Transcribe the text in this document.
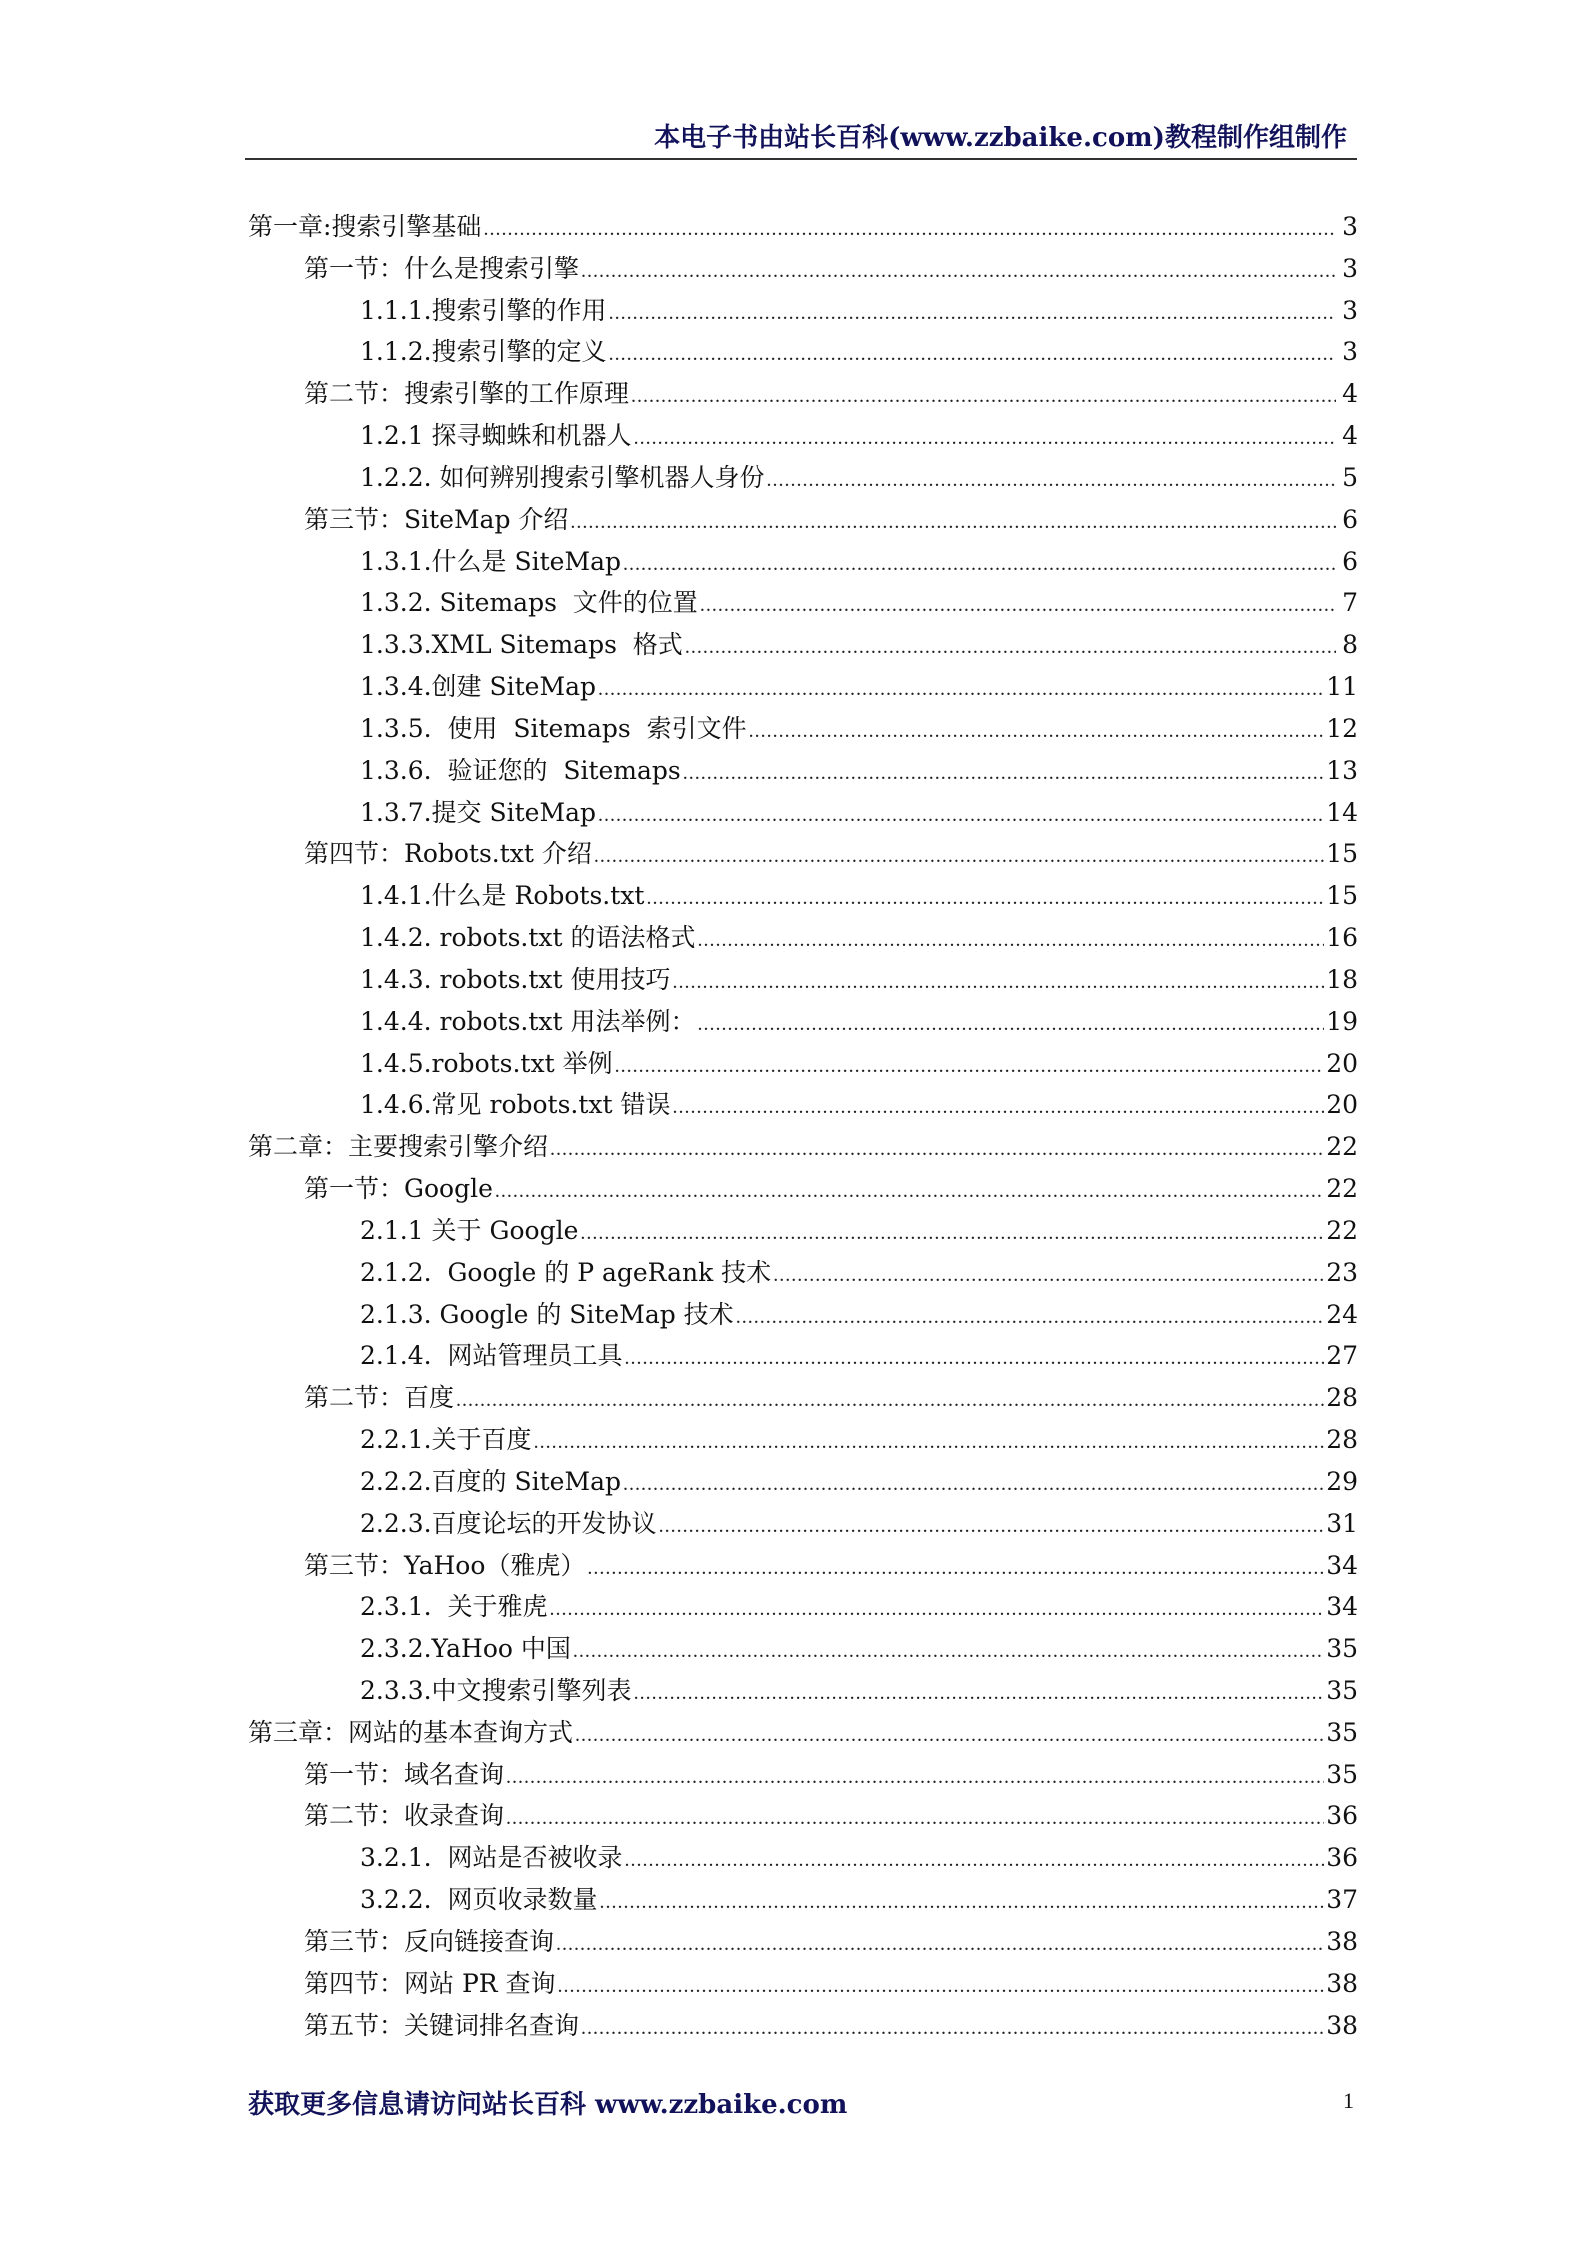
本电子书由站长百科(www.zzbaike.com)教程制作组制作
第一章:搜索引擎基础 .....	3
第一节：什么是搜索引擎 .....	3
1.1.1.搜索引擎的作用 .....	3
1.1.2.搜索引擎的定义 .....	3
第二节：搜索引擎的工作原理 .....	4
1.2.1 探寻蜘蛛和机器人 .....	4
1.2.2. 如何辨别搜索引擎机器人身份 .....	5
第三节：SiteMap 介绍 .....	6
1.3.1.什么是 SiteMap .....	6
1.3.2. Sitemaps  文件的位置 .....	7
1.3.3.XML Sitemaps  格式 .....	8
1.3.4.创建 SiteMap .....	11
1.3.5.  使用  Sitemaps  索引文件 .....	12
1.3.6.  验证您的  Sitemaps .....	13
1.3.7.提交 SiteMap .....	14
第四节：Robots.txt 介绍 .....	15
1.4.1.什么是 Robots.txt .....	15
1.4.2. robots.txt 的语法格式 .....	16
1.4.3. robots.txt 使用技巧 .....	18
1.4.4. robots.txt 用法举例： .....	19
1.4.5.robots.txt 举例 .....	20
1.4.6.常见 robots.txt 错误 .....	20
第二章：主要搜索引擎介绍 .....	22
第一节：Google .....	22
2.1.1 关于 Google .....	22
2.1.2.  Google 的 P ageRank 技术 .....	23
2.1.3. Google 的 SiteMap 技术 .....	24
2.1.4.  网站管理员工具 .....	27
第二节：百度 .....	28
2.2.1.关于百度 .....	28
2.2.2.百度的 SiteMap .....	29
2.2.3.百度论坛的开发协议 .....	31
第三节：YaHoo（雅虎） .....	34
2.3.1.  关于雅虎 .....	34
2.3.2.YaHoo 中国 .....	35
2.3.3.中文搜索引擎列表 .....	35
第三章：网站的基本查询方式 .....	35
第一节：域名查询 .....	35
第二节：收录查询 .....	36
3.2.1.  网站是否被收录 .....	36
3.2.2.  网页收录数量 .....	37
第三节：反向链接查询 .....	38
第四节：网站 PR 查询 .....	38
第五节：关键词排名查询 .....	38
获取更多信息请访问站长百科 www.zzbaike.com	1
